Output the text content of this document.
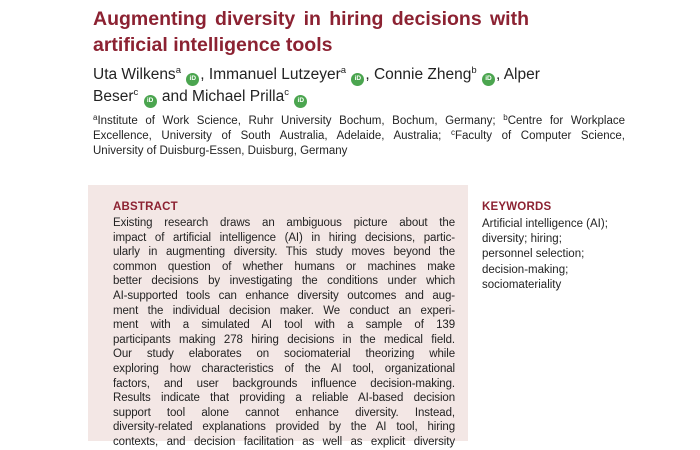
Augmenting diversity in hiring decisions with
artificial intelligence tools
Uta Wilkens$^a$
iD , Immanuel Lutzeyer$^a$
iD , Connie Zheng$^b$
iD , Alper
Beser$^c$
iD and Michael Prilla$^c$
iD

$^a$Institute of Work Science, Ruhr University Bochum, Bochum, Germany; $^b$Centre for Workplace
Excellence, University of South Australia, Adelaide, Australia; $^c$Faculty of Computer Science,
University of Duisburg-Essen, Duisburg, Germany

ABSTRACT
Existing research draws an ambiguous picture about the
impact of artificial intelligence (AI) in hiring decisions, partic-
ularly in augmenting diversity. This study moves beyond the
common question of whether humans or machines make
better decisions by investigating the conditions under which
AI-supported tools can enhance diversity outcomes and aug-
ment the individual decision maker. We conduct an experi-
ment with a simulated AI tool with a sample of 139
participants making 278 hiring decisions in the medical field.
Our study elaborates on sociomaterial theorizing while
exploring how characteristics of the AI tool, organizational
factors, and user backgrounds influence decision-making.
Results indicate that providing a reliable AI-based decision
support tool alone cannot enhance diversity. Instead,
diversity-related explanations provided by the AI tool, hiring
contexts, and decision facilitation as well as explicit diversity
KEYWORDS
Artificial intelligence (AI);
diversity; hiring;
personnel selection;
decision-making;
sociomateriality
